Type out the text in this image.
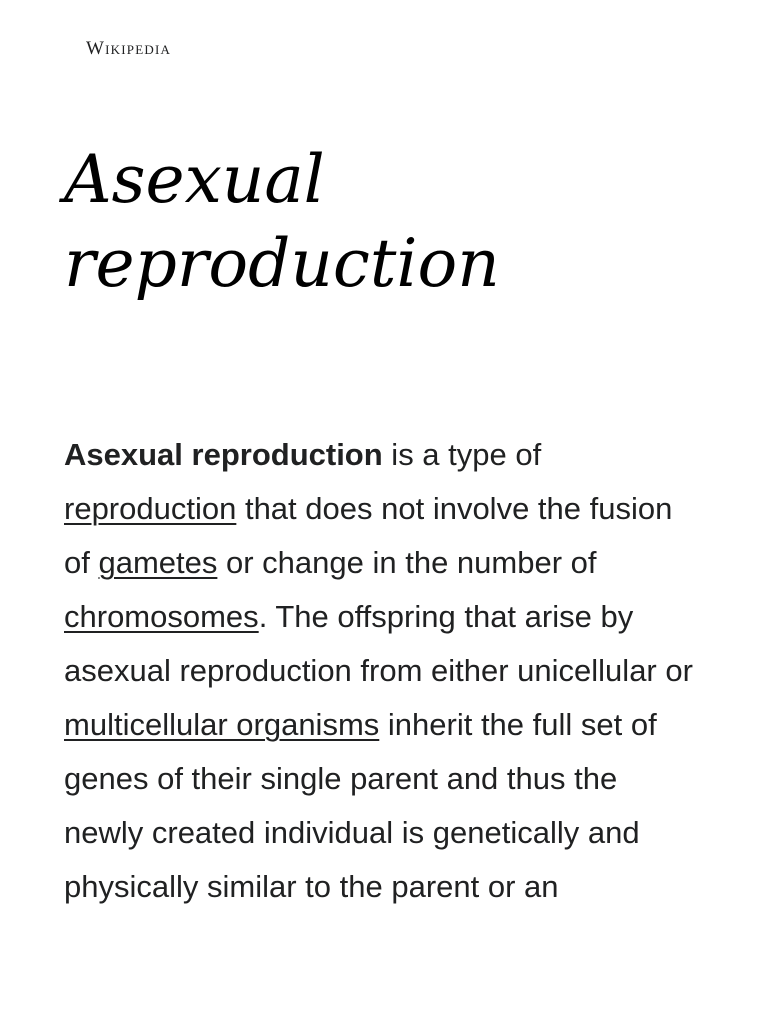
Wikipedia
Asexual reproduction

Asexual reproduction is a type of reproduction that does not involve the fusion of gametes or change in the number of chromosomes. The offspring that arise by asexual reproduction from either unicellular or multicellular organisms inherit the full set of genes of their single parent and thus the newly created individual is genetically and physically similar to the parent or an
